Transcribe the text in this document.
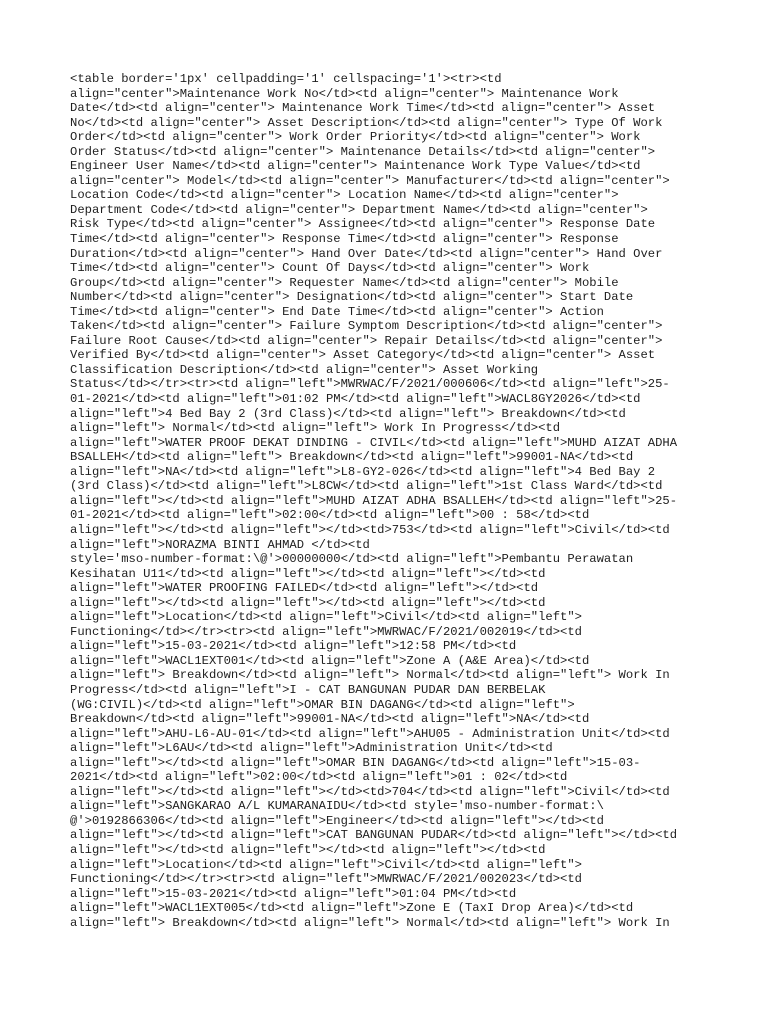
<table border='1px' cellpadding='1' cellspacing='1'><tr><td
align="center">Maintenance Work No</td><td align="center"> Maintenance Work
Date</td><td align="center"> Maintenance Work Time</td><td align="center"> Asset
No</td><td align="center"> Asset Description</td><td align="center"> Type Of Work
Order</td><td align="center"> Work Order Priority</td><td align="center"> Work
Order Status</td><td align="center"> Maintenance Details</td><td align="center">
Engineer User Name</td><td align="center"> Maintenance Work Type Value</td><td
align="center"> Model</td><td align="center"> Manufacturer</td><td align="center">
Location Code</td><td align="center"> Location Name</td><td align="center">
Department Code</td><td align="center"> Department Name</td><td align="center">
Risk Type</td><td align="center"> Assignee</td><td align="center"> Response Date
Time</td><td align="center"> Response Time</td><td align="center"> Response
Duration</td><td align="center"> Hand Over Date</td><td align="center"> Hand Over
Time</td><td align="center"> Count Of Days</td><td align="center"> Work
Group</td><td align="center"> Requester Name</td><td align="center"> Mobile
Number</td><td align="center"> Designation</td><td align="center"> Start Date
Time</td><td align="center"> End Date Time</td><td align="center"> Action
Taken</td><td align="center"> Failure Symptom Description</td><td align="center">
Failure Root Cause</td><td align="center"> Repair Details</td><td align="center">
Verified By</td><td align="center"> Asset Category</td><td align="center"> Asset
Classification Description</td><td align="center"> Asset Working
Status</td></tr><tr><td align="left">MWRWAC/F/2021/000606</td><td align="left">25-
01-2021</td><td align="left">01:02 PM</td><td align="left">WACL8GY2026</td><td
align="left">4 Bed Bay 2 (3rd Class)</td><td align="left"> Breakdown</td><td
align="left"> Normal</td><td align="left"> Work In Progress</td><td
align="left">WATER PROOF DEKAT DINDING - CIVIL</td><td align="left">MUHD AIZAT ADHA
BSALLEH</td><td align="left"> Breakdown</td><td align="left">99001-NA</td><td
align="left">NA</td><td align="left">L8-GY2-026</td><td align="left">4 Bed Bay 2
(3rd Class)</td><td align="left">L8CW</td><td align="left">1st Class Ward</td><td
align="left"></td><td align="left">MUHD AIZAT ADHA BSALLEH</td><td align="left">25-
01-2021</td><td align="left">02:00</td><td align="left">00 : 58</td><td
align="left"></td><td align="left"></td><td>753</td><td align="left">Civil</td><td
align="left">NORAZMA BINTI AHMAD </td><td
style='mso-number-format:\@'>00000000</td><td align="left">Pembantu Perawatan
Kesihatan U11</td><td align="left"></td><td align="left"></td><td
align="left">WATER PROOFING FAILED</td><td align="left"></td><td
align="left"></td><td align="left"></td><td align="left"></td><td
align="left">Location</td><td align="left">Civil</td><td align="left">
Functioning</td></tr><tr><td align="left">MWRWAC/F/2021/002019</td><td
align="left">15-03-2021</td><td align="left">12:58 PM</td><td
align="left">WACL1EXT001</td><td align="left">Zone A (A&E Area)</td><td
align="left"> Breakdown</td><td align="left"> Normal</td><td align="left"> Work In
Progress</td><td align="left">I - CAT BANGUNAN PUDAR DAN BERBELAK
(WG:CIVIL)</td><td align="left">OMAR BIN DAGANG</td><td align="left">
Breakdown</td><td align="left">99001-NA</td><td align="left">NA</td><td
align="left">AHU-L6-AU-01</td><td align="left">AHU05 - Administration Unit</td><td
align="left">L6AU</td><td align="left">Administration Unit</td><td
align="left"></td><td align="left">OMAR BIN DAGANG</td><td align="left">15-03-
2021</td><td align="left">02:00</td><td align="left">01 : 02</td><td
align="left"></td><td align="left"></td><td>704</td><td align="left">Civil</td><td
align="left">SANGKARAO A/L KUMARANAIDU</td><td style='mso-number-format:\
@'>0192866306</td><td align="left">Engineer</td><td align="left"></td><td
align="left"></td><td align="left">CAT BANGUNAN PUDAR</td><td align="left"></td><td
align="left"></td><td align="left"></td><td align="left"></td><td
align="left">Location</td><td align="left">Civil</td><td align="left">
Functioning</td></tr><tr><td align="left">MWRWAC/F/2021/002023</td><td
align="left">15-03-2021</td><td align="left">01:04 PM</td><td
align="left">WACL1EXT005</td><td align="left">Zone E (TaxI Drop Area)</td><td
align="left"> Breakdown</td><td align="left"> Normal</td><td align="left"> Work In
